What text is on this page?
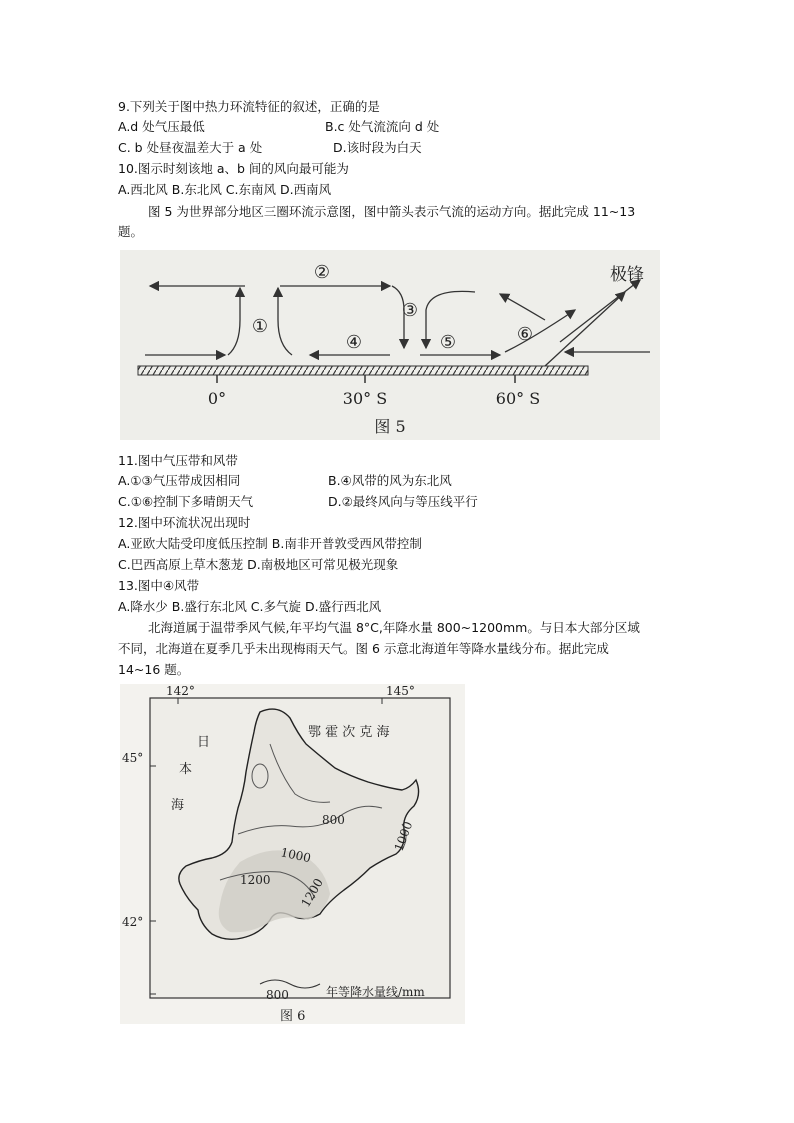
9.下列关于图中热力环流特征的叙述，正确的是
A.d 处气压最低	B.c 处气流流向 d 处
C. b 处昼夜温差大于 a 处	D.该时段为白天
10.图示时刻该地 a、b 间的风向最可能为
A.西北风 B.东北风 C.东南风 D.西南风
图 5 为世界部分地区三圈环流示意图，图中箭头表示气流的运动方向。据此完成 11~13
题。
①
②
③
④	⑤	⑥
极锋
0°	30° S	60° S
图 5
11.图中气压带和风带
A.①③气压带成因相同	B.④风带的风为东北风
C.①⑥控制下多晴朗天气	D.②最终风向与等压线平行
12.图中环流状况出现时
A.亚欧大陆受印度低压控制 B.南非开普敦受西风带控制
C.巴西高原上草木葱茏 D.南极地区可常见极光现象
13.图中④风带
A.降水少 B.盛行东北风 C.多气旋 D.盛行西北风
北海道属于温带季风气候,年平均气温 8°C,年降水量 800~1200mm。与日本大部分区域
不同，北海道在夏季几乎未出现梅雨天气。图 6 示意北海道年等降水量线分布。据此完成
14~16 题。
142°	145°
45°
42°
800
1000
1200 1200
1000
日
本
海
鄂 霍 次 克 海
800	年等降水量线/mm
图 6
